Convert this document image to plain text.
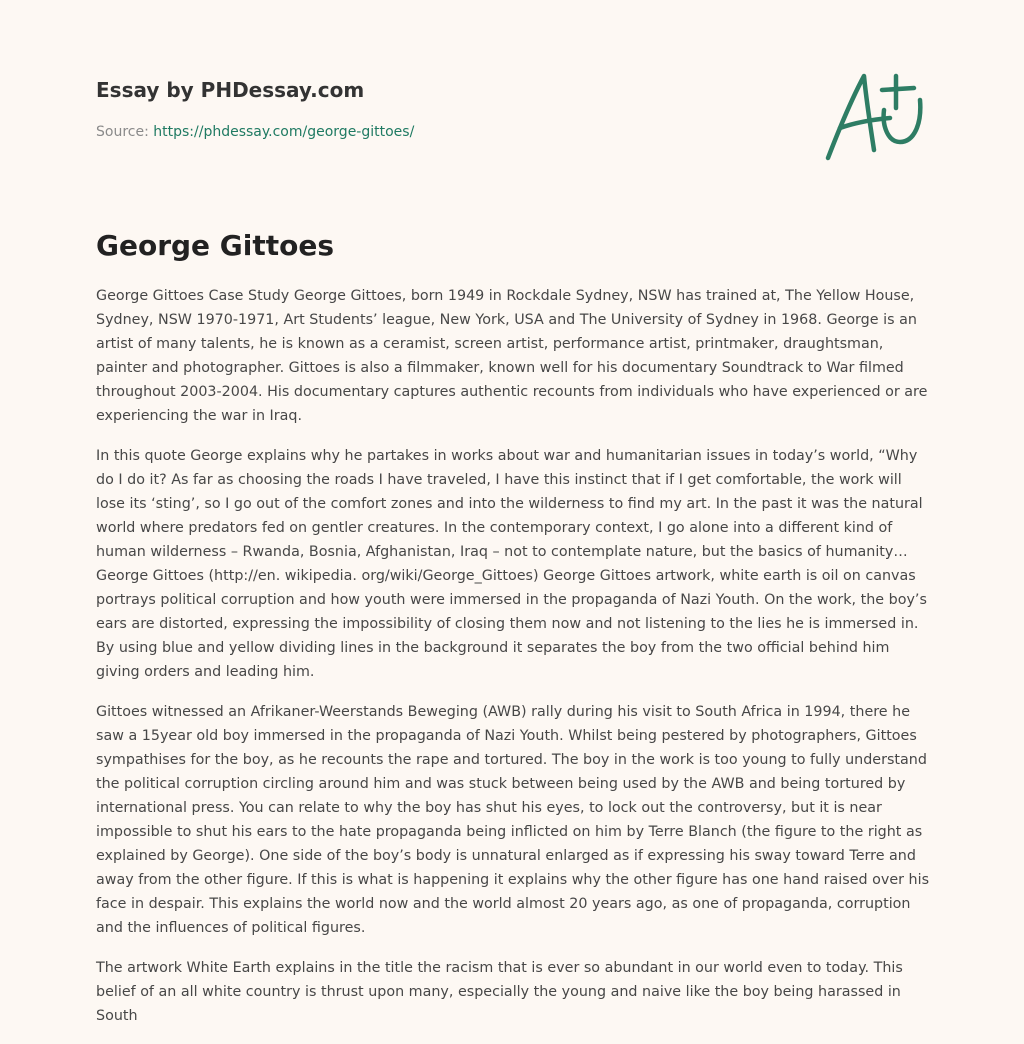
Essay by PHDessay.com
Source: https://phdessay.com/george-gittoes/
George Gittoes

George Gittoes Case Study George Gittoes, born 1949 in Rockdale Sydney, NSW has trained at, The Yellow House, Sydney, NSW 1970-1971, Art Students’ league, New York, USA and The University of Sydney in 1968. George is an artist of many talents, he is known as a ceramist, screen artist, performance artist, printmaker, draughtsman, painter and photographer. Gittoes is also a filmmaker, known well for his documentary Soundtrack to War filmed throughout 2003-2004. His documentary captures authentic recounts from individuals who have experienced or are experiencing the war in Iraq.

In this quote George explains why he partakes in works about war and humanitarian issues in today’s world, “Why do I do it? As far as choosing the roads I have traveled, I have this instinct that if I get comfortable, the work will lose its ‘sting’, so I go out of the comfort zones and into the wilderness to find my art. In the past it was the natural world where predators fed on gentler creatures. In the contemporary context, I go alone into a different kind of human wilderness – Rwanda, Bosnia, Afghanistan, Iraq – not to contemplate nature, but the basics of humanity… George Gittoes (http://en. wikipedia. org/wiki/George_Gittoes) George Gittoes artwork, white earth is oil on canvas portrays political corruption and how youth were immersed in the propaganda of Nazi Youth. On the work, the boy’s ears are distorted, expressing the impossibility of closing them now and not listening to the lies he is immersed in. By using blue and yellow dividing lines in the background it separates the boy from the two official behind him giving orders and leading him.

Gittoes witnessed an Afrikaner-Weerstands Beweging (AWB) rally during his visit to South Africa in 1994, there he saw a 15year old boy immersed in the propaganda of Nazi Youth. Whilst being pestered by photographers, Gittoes sympathises for the boy, as he recounts the rape and tortured. The boy in the work is too young to fully understand the political corruption circling around him and was stuck between being used by the AWB and being tortured by international press. You can relate to why the boy has shut his eyes, to lock out the controversy, but it is near impossible to shut his ears to the hate propaganda being inflicted on him by Terre Blanch (the figure to the right as explained by George). One side of the boy’s body is unnatural enlarged as if expressing his sway toward Terre and away from the other figure. If this is what is happening it explains why the other figure has one hand raised over his face in despair. This explains the world now and the world almost 20 years ago, as one of propaganda, corruption and the influences of political figures.

The artwork White Earth explains in the title the racism that is ever so abundant in our world even to today. This belief of an all white country is thrust upon many, especially the young and naive like the boy being harassed in South
